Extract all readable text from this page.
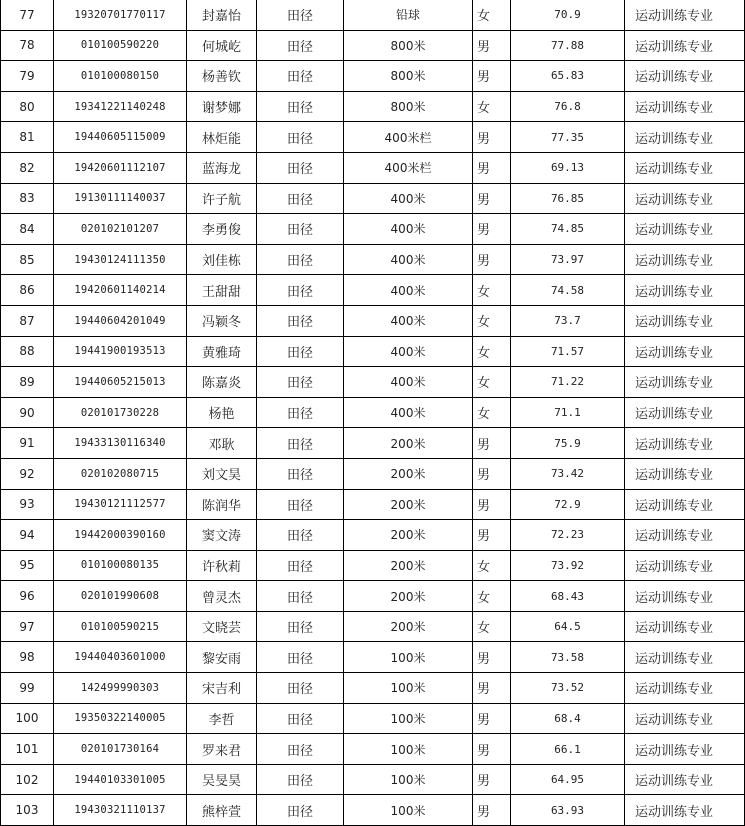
77	19320701770117	封嘉怡	田径	铅球	女	70.9	运动训练专业
78	010100590220	何城屹	田径	800米	男	77.88	运动训练专业
79	010100080150	杨善钦	田径	800米	男	65.83	运动训练专业
80	19341221140248	谢梦娜	田径	800米	女	76.8	运动训练专业
81	19440605115009	林炬能	田径	400米栏	男	77.35	运动训练专业
82	19420601112107	蓝海龙	田径	400米栏	男	69.13	运动训练专业
83	19130111140037	许子航	田径	400米	男	76.85	运动训练专业
84	020102101207	李勇俊	田径	400米	男	74.85	运动训练专业
85	19430124111350	刘佳栋	田径	400米	男	73.97	运动训练专业
86	19420601140214	王甜甜	田径	400米	女	74.58	运动训练专业
87	19440604201049	冯颖冬	田径	400米	女	73.7	运动训练专业
88	19441900193513	黄雅琦	田径	400米	女	71.57	运动训练专业
89	19440605215013	陈嘉炎	田径	400米	女	71.22	运动训练专业
90	020101730228	杨艳	田径	400米	女	71.1	运动训练专业
91	19433130116340	邓耿	田径	200米	男	75.9	运动训练专业
92	020102080715	刘文昊	田径	200米	男	73.42	运动训练专业
93	19430121112577	陈润华	田径	200米	男	72.9	运动训练专业
94	19442000390160	窦文涛	田径	200米	男	72.23	运动训练专业
95	010100080135	许秋莉	田径	200米	女	73.92	运动训练专业
96	020101990608	曾灵杰	田径	200米	女	68.43	运动训练专业
97	010100590215	文晓芸	田径	200米	女	64.5	运动训练专业
98	19440403601000	黎安雨	田径	100米	男	73.58	运动训练专业
99	142499990303	宋吉利	田径	100米	男	73.52	运动训练专业
100	19350322140005	李哲	田径	100米	男	68.4	运动训练专业
101	020101730164	罗来君	田径	100米	男	66.1	运动训练专业
102	19440103301005	吴旻昊	田径	100米	男	64.95	运动训练专业
103	19430321110137	熊梓萱	田径	100米	男	63.93	运动训练专业
